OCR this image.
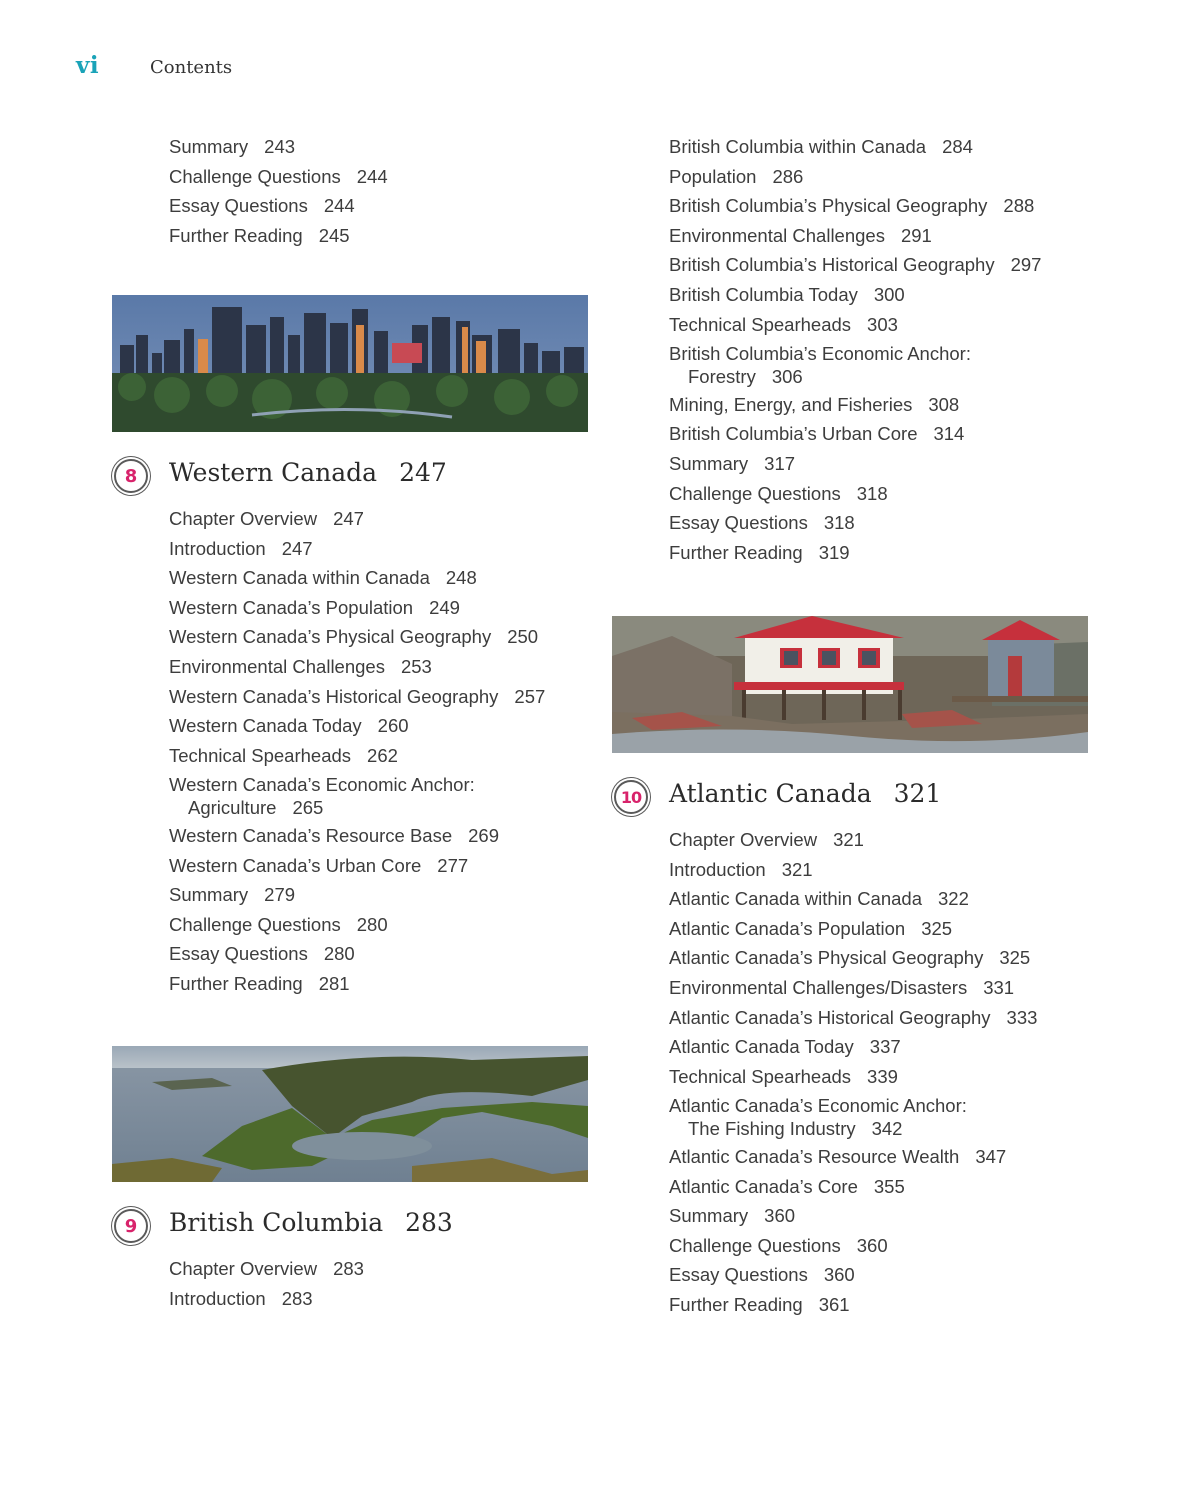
vi	Contents
Summary 243
Challenge Questions 244
Essay Questions 244
Further Reading 245
8	Western Canada 247
Chapter Overview 247
Introduction 247
Western Canada within Canada 248
Western Canada’s Population 249
Western Canada’s Physical Geography 250
Environmental Challenges 253
Western Canada’s Historical Geography 257
Western Canada Today 260
Technical Spearheads 262
Western Canada’s Economic Anchor:
Agriculture 265
Western Canada’s Resource Base 269
Western Canada’s Urban Core 277
Summary 279
Challenge Questions 280
Essay Questions 280
Further Reading 281
9	British Columbia 283
Chapter Overview 283
Introduction 283
British Columbia within Canada 284
Population 286
British Columbia’s Physical Geography 288
Environmental Challenges 291
British Columbia’s Historical Geography 297
British Columbia Today 300
Technical Spearheads 303
British Columbia’s Economic Anchor:
Forestry 306
Mining, Energy, and Fisheries 308
British Columbia’s Urban Core 314
Summary 317
Challenge Questions 318
Essay Questions 318
Further Reading 319
10 Atlantic Canada 321
Chapter Overview 321
Introduction 321
Atlantic Canada within Canada 322
Atlantic Canada’s Population 325
Atlantic Canada’s Physical Geography 325
Environmental Challenges/Disasters 331
Atlantic Canada’s Historical Geography 333
Atlantic Canada Today 337
Technical Spearheads 339
Atlantic Canada’s Economic Anchor:
The Fishing Industry 342
Atlantic Canada’s Resource Wealth 347
Atlantic Canada’s Core 355
Summary 360
Challenge Questions 360
Essay Questions 360
Further Reading 361
